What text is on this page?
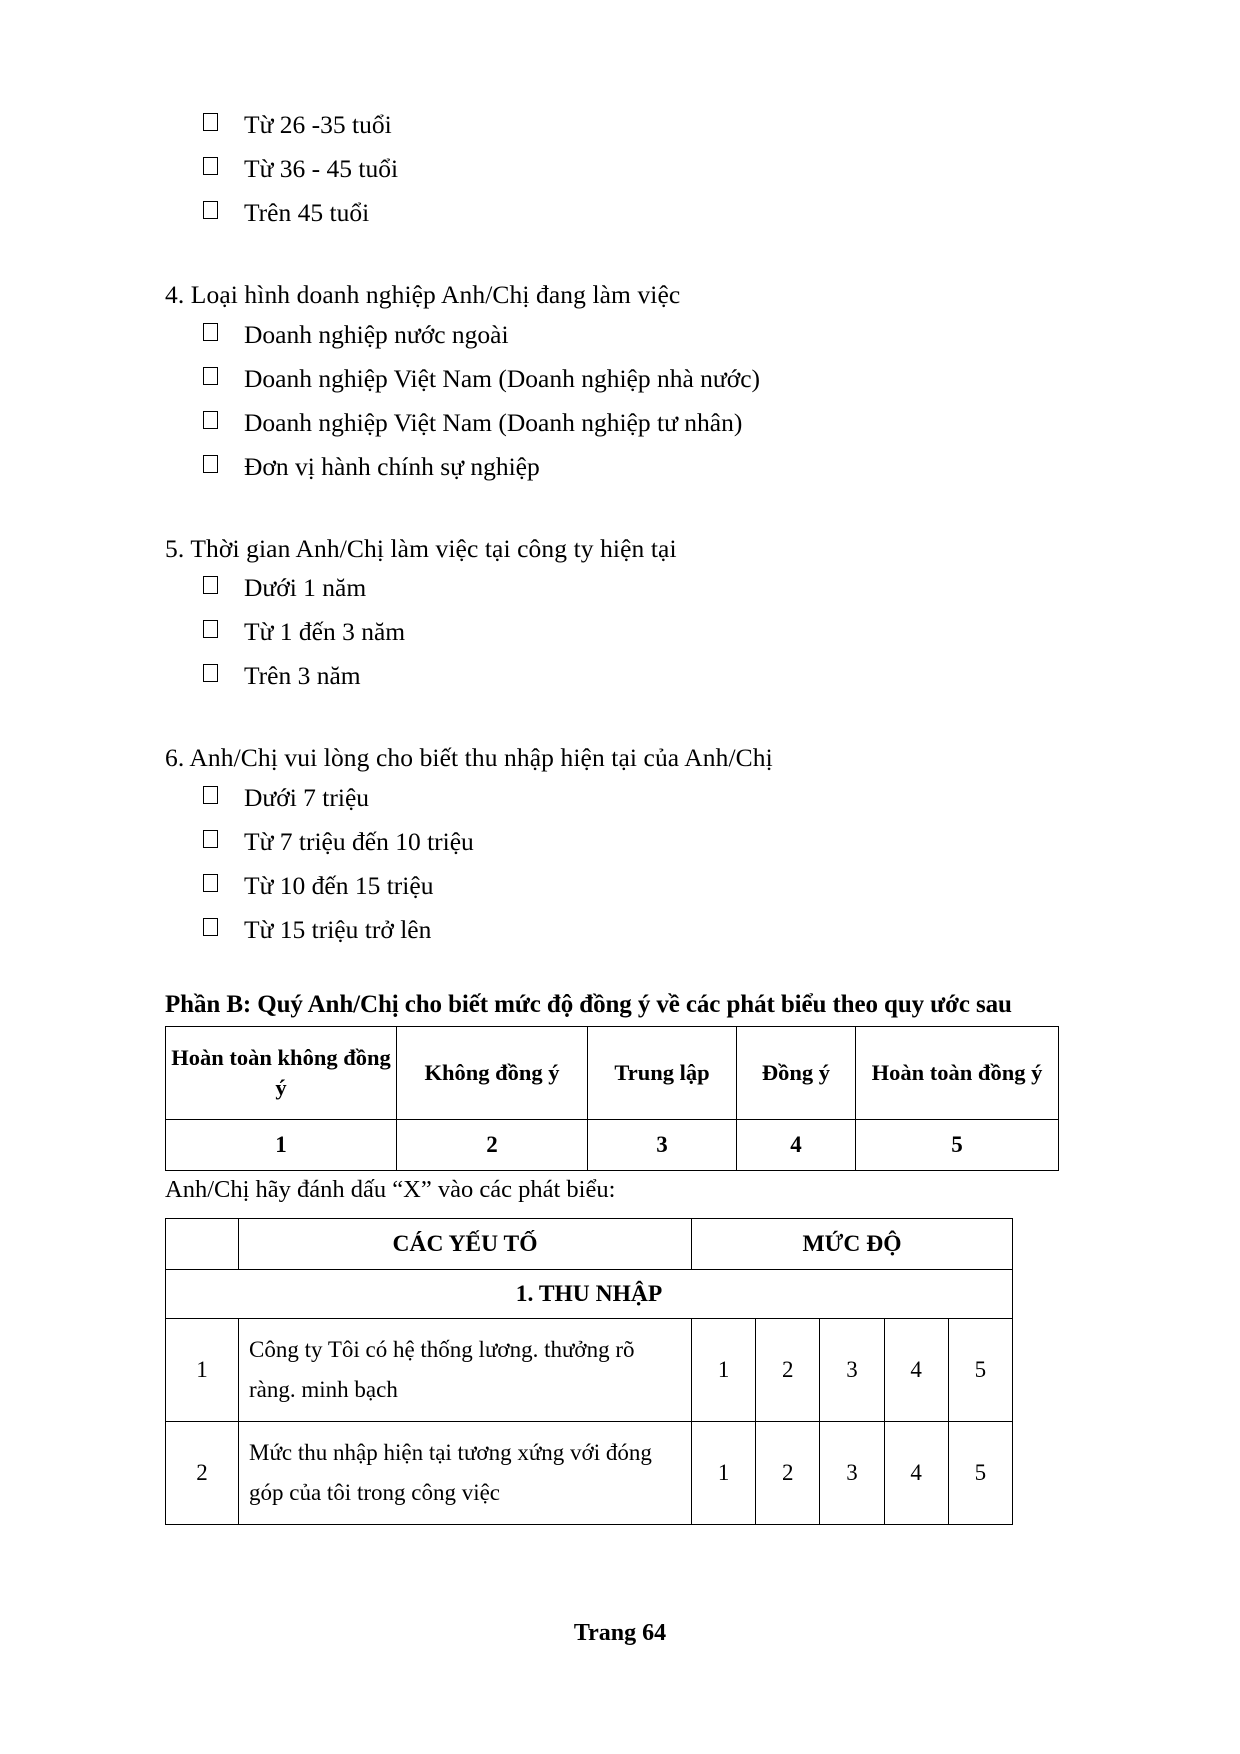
Từ 26 -35 tuổi
Từ 36 - 45 tuổi
Trên 45 tuổi

4. Loại hình doanh nghiệp Anh/Chị đang làm việc

Doanh nghiệp nước ngoài
Doanh nghiệp Việt Nam (Doanh nghiệp nhà nước)
Doanh nghiệp Việt Nam (Doanh nghiệp tư nhân)
Đơn vị hành chính sự nghiệp

5. Thời gian Anh/Chị làm việc tại công ty hiện tại

Dưới 1 năm
Từ 1 đến 3 năm
Trên 3 năm

6. Anh/Chị vui lòng cho biết thu nhập hiện tại của Anh/Chị

Dưới 7 triệu
Từ 7 triệu đến 10 triệu
Từ 10 đến 15 triệu
Từ 15 triệu trở lên

Phần B: Quý Anh/Chị cho biết mức độ đồng ý về các phát biểu theo quy ước sau

Hoàn toàn không đồng ý	Không đồng ý	Trung lập	Đồng ý	Hoàn toàn đồng ý
1	2	3	4	5

Anh/Chị hãy đánh dấu “X” vào các phát biểu:

	CÁC YẾU TỐ	MỨC ĐỘ				
1. THU NHẬP						
1	Công ty Tôi có hệ thống lương. thưởng rõ ràng. minh bạch	1	2	3	4	5
2	Mức thu nhập hiện tại tương xứng với đóng góp của tôi trong công việc	1	2	3	4	5
Trang 64
